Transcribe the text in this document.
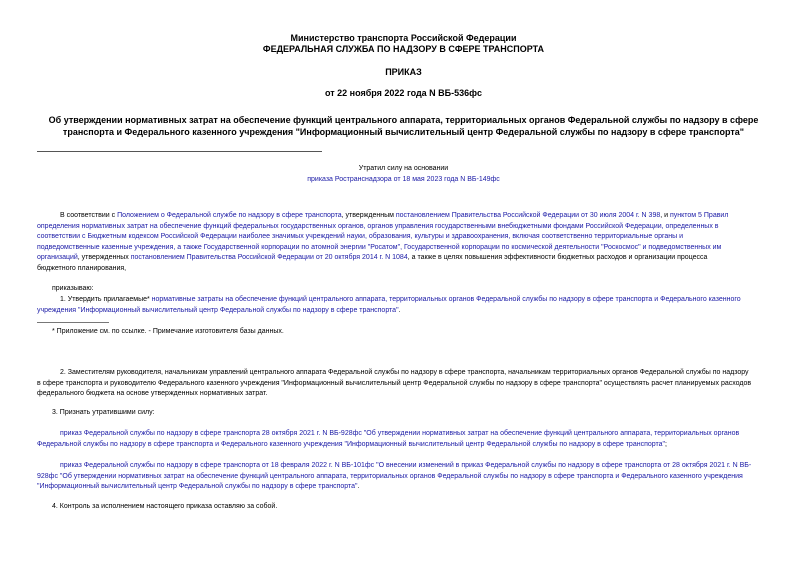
Министерство транспорта Российской Федерации
ФЕДЕРАЛЬНАЯ СЛУЖБА ПО НАДЗОРУ В СФЕРЕ ТРАНСПОРТА
ПРИКАЗ
от 22 ноября 2022 года N ВБ-536фс
Об утверждении нормативных затрат на обеспечение функций центрального аппарата, территориальных органов Федеральной службы по надзору в сфере
транспорта и Федерального казенного учреждения "Информационный вычислительный центр Федеральной службы по надзору в сфере транспорта"
Утратил силу на основании
приказа Ространснадзора от 18 мая 2023 года N ВБ-149фс
В соответствии с Положением о Федеральной службе по надзору в сфере транспорта, утвержденным постановлением Правительства Российской Федерации от 30 июля 2004 г. N 398, и пунктом 5 Правил
определения нормативных затрат на обеспечение функций федеральных государственных органов, органов управления государственными внебюджетными фондами Российской Федерации, определенных в
соответствии с Бюджетным кодексом Российской Федерации наиболее значимых учреждений науки, образования, культуры и здравоохранения, включая соответственно территориальные органы и
подведомственные казенные учреждения, а также Государственной корпорации по атомной энергии "Росатом", Государственной корпорации по космической деятельности "Роскосмос" и подведомственных им
организаций, утвержденных постановлением Правительства Российской Федерации от 20 октября 2014 г. N 1084, а также в целях повышения эффективности бюджетных расходов и организации процесса
бюджетного планирования,
приказываю:
1. Утвердить прилагаемые* нормативные затраты на обеспечение функций центрального аппарата, территориальных органов Федеральной службы по надзору в сфере транспорта и Федерального казенного
учреждения "Информационный вычислительный центр Федеральной службы по надзору в сфере транспорта".
* Приложение см. по ссылке. - Примечание изготовителя базы данных.
2. Заместителям руководителя, начальникам управлений центрального аппарата Федеральной службы по надзору в сфере транспорта, начальникам территориальных органов Федеральной службы по надзору
в сфере транспорта и руководителю Федерального казенного учреждения "Информационный вычислительный центр Федеральной службы по надзору в сфере транспорта" осуществлять расчет планируемых расходов
федерального бюджета на основе утвержденных нормативных затрат.
3. Признать утратившими силу:
приказ Федеральной службы по надзору в сфере транспорта 28 октября 2021 г. N ВБ-928фс "Об утверждении нормативных затрат на обеспечение функций центрального аппарата, территориальных органов
Федеральной службы по надзору в сфере транспорта и Федерального казенного учреждения "Информационный вычислительный центр Федеральной службы по надзору в сфере транспорта";
приказ Федеральной службы по надзору в сфере транспорта от 18 февраля 2022 г. N ВБ-101фс "О внесении изменений в приказ Федеральной службы по надзору в сфере транспорта от 28 октября 2021 г. N ВБ-
928фс "Об утверждении нормативных затрат на обеспечение функций центрального аппарата, территориальных органов Федеральной службы по надзору в сфере транспорта и Федерального казенного учреждения
"Информационный вычислительный центр Федеральной службы по надзору в сфере транспорта".
4. Контроль за исполнением настоящего приказа оставляю за собой.
